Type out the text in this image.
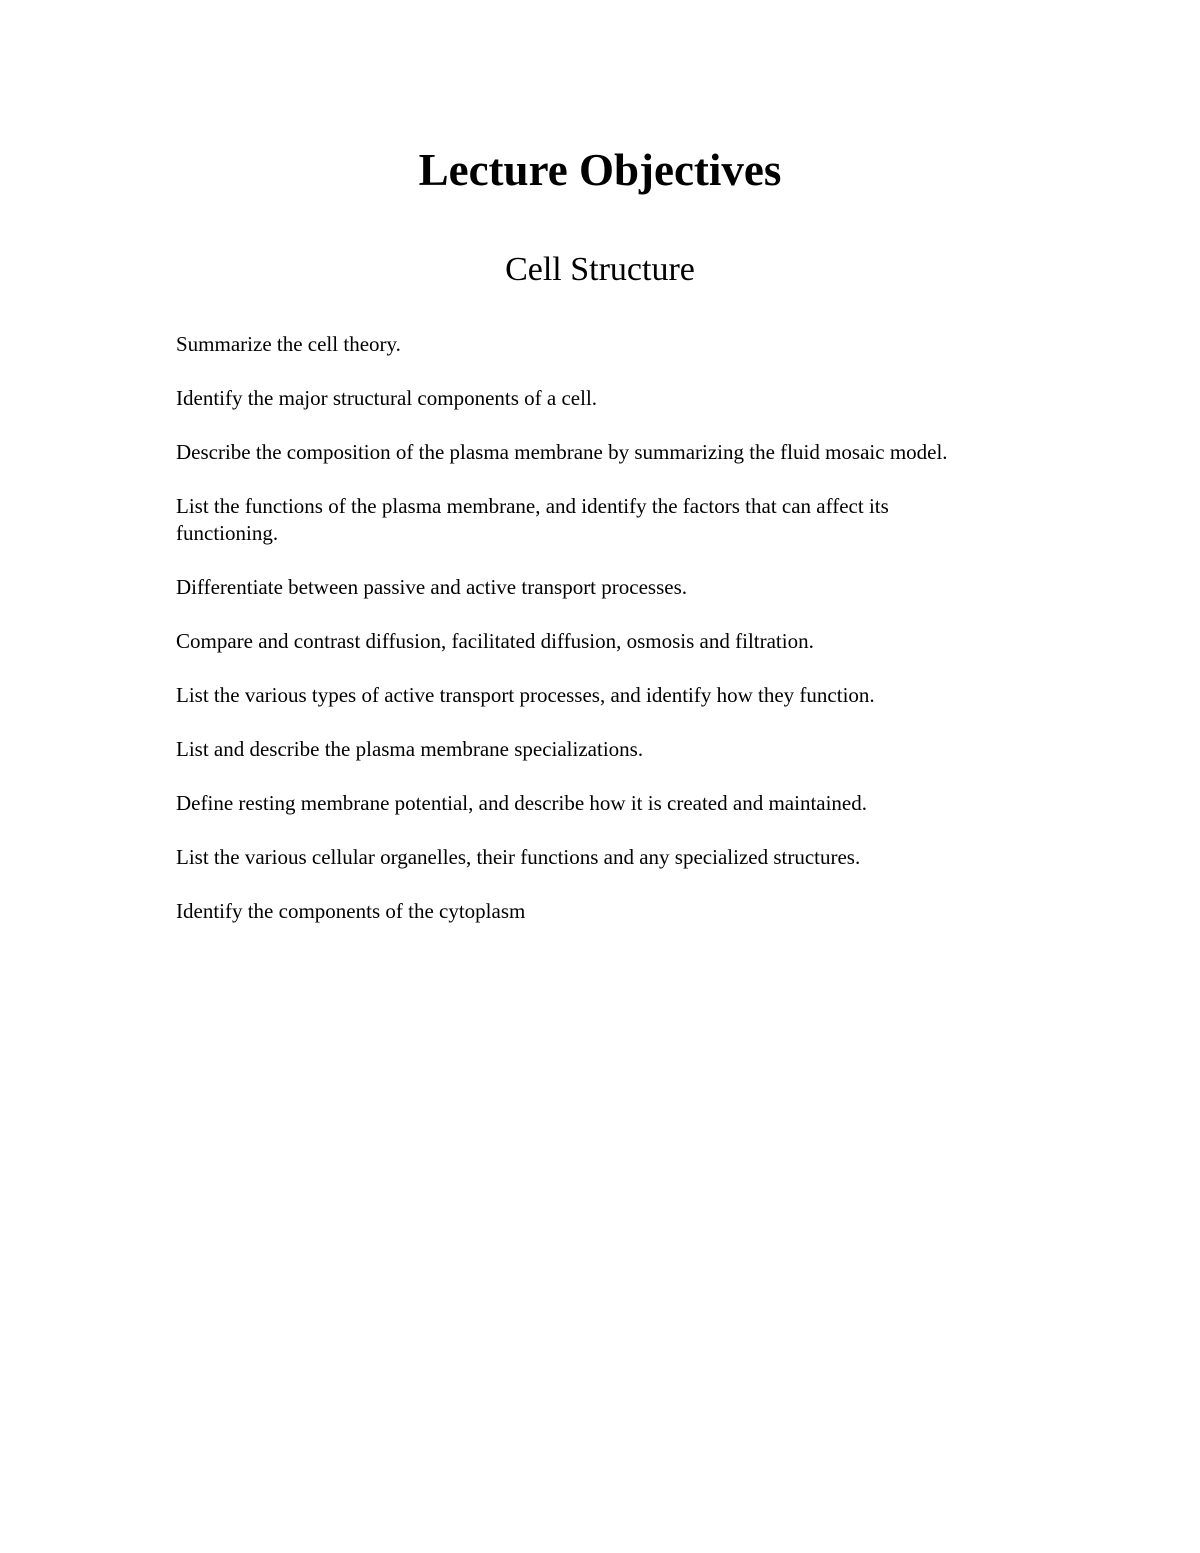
Lecture Objectives
Cell Structure
Summarize the cell theory.
Identify the major structural components of a cell.
Describe the composition of the plasma membrane by summarizing the fluid mosaic model.
List the functions of the plasma membrane, and identify the factors that can affect its functioning.
Differentiate between passive and active transport processes.
Compare and contrast diffusion, facilitated diffusion, osmosis and filtration.
List the various types of active transport processes, and identify how they function.
List and describe the plasma membrane specializations.
Define resting membrane potential, and describe how it is created and maintained.
List the various cellular organelles, their functions and any specialized structures.
Identify the components of the cytoplasm
